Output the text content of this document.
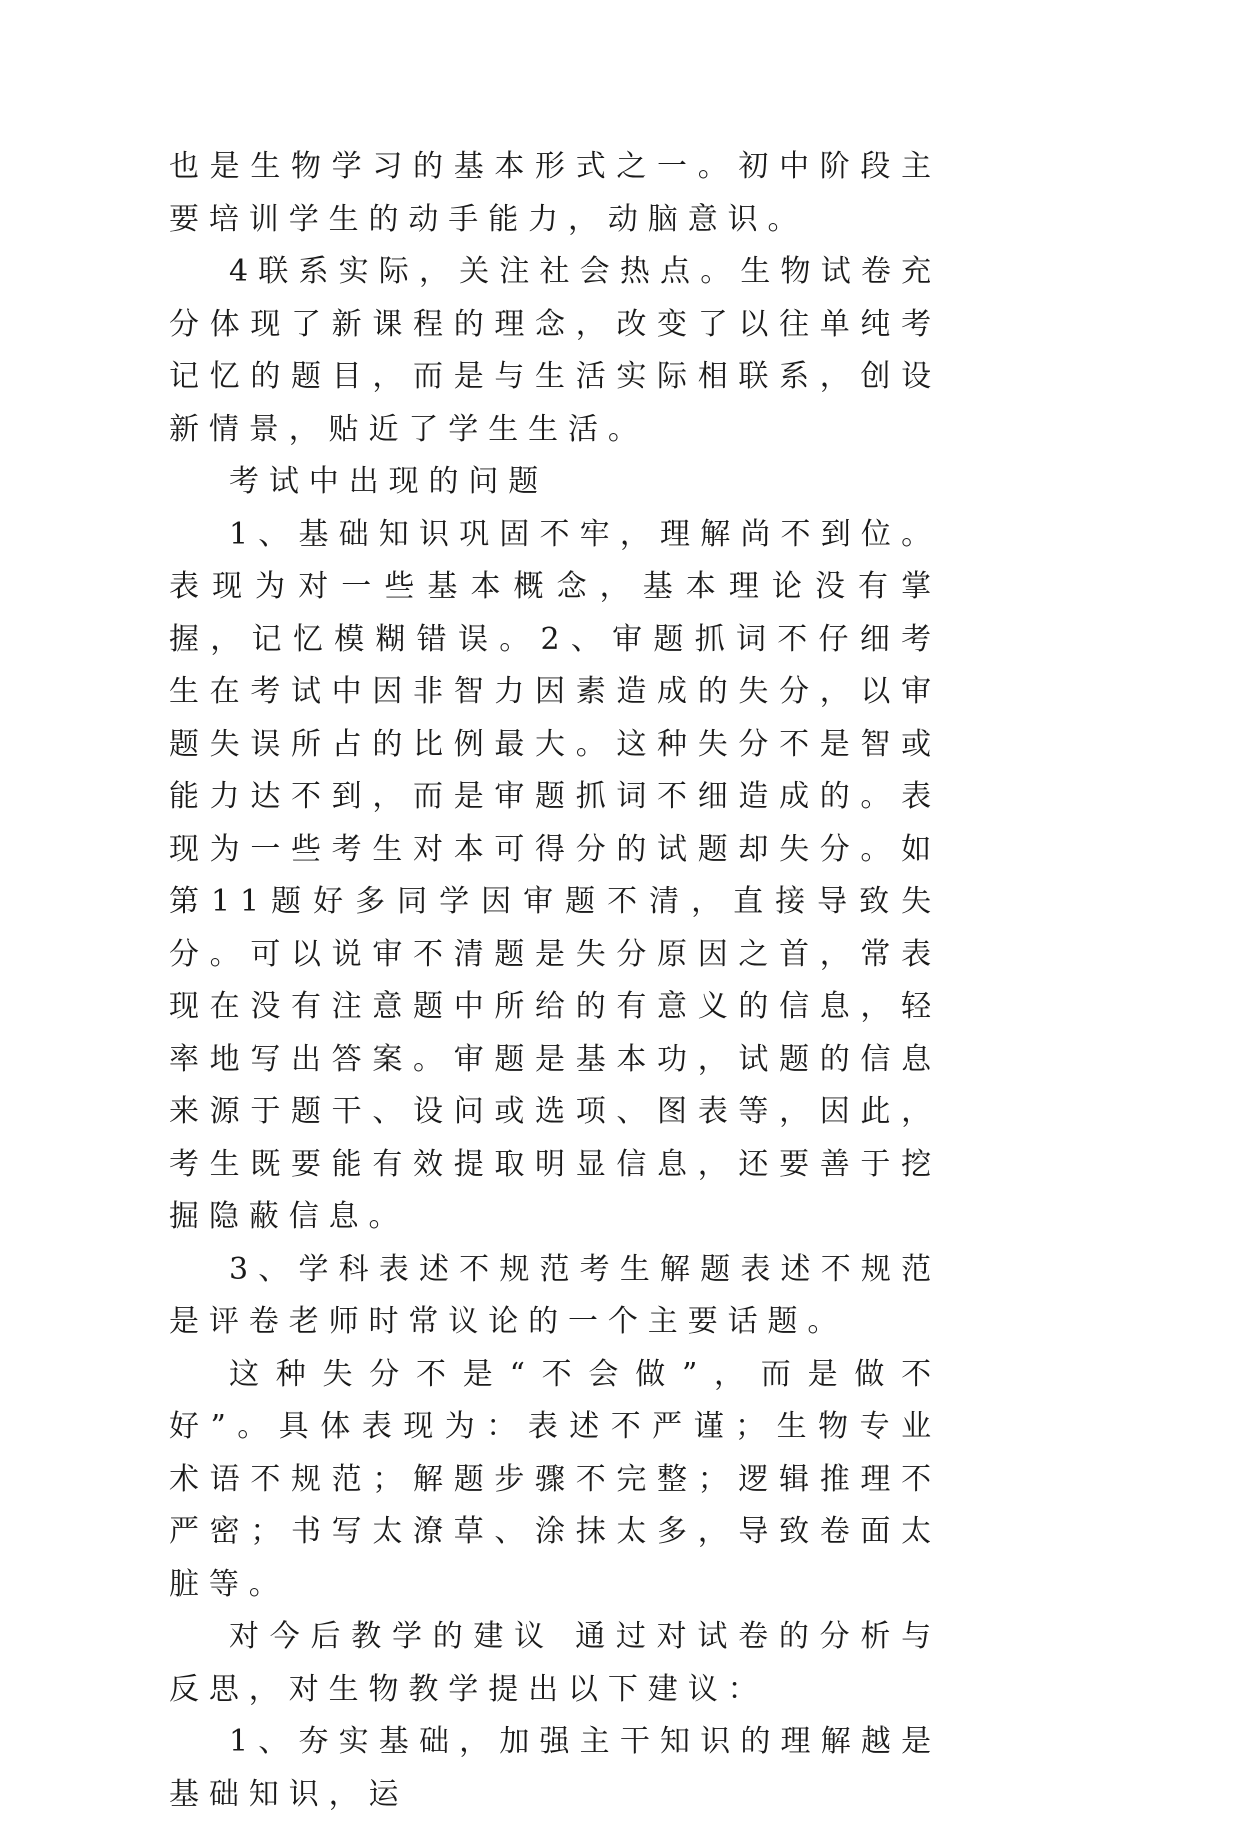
也是生物学习的基本形式之一。初中阶段主要培训学生的动手能力，动脑意识。

4联系实际，关注社会热点。生物试卷充分体现了新课程的理念，改变了以往单纯考记忆的题目，而是与生活实际相联系，创设新情景，贴近了学生生活。

考试中出现的问题

1、基础知识巩固不牢，理解尚不到位。表现为对一些基本概念，基本理论没有掌握，记忆模糊错误。2、审题抓词不仔细考生在考试中因非智力因素造成的失分，以审题失误所占的比例最大。这种失分不是智或能力达不到，而是审题抓词不细造成的。表现为一些考生对本可得分的试题却失分。如第11题好多同学因审题不清，直接导致失分。可以说审不清题是失分原因之首，常表现在没有注意题中所给的有意义的信息，轻率地写出答案。审题是基本功，试题的信息来源于题干、设问或选项、图表等，因此，考生既要能有效提取明显信息，还要善于挖掘隐蔽信息。

3、学科表述不规范考生解题表述不规范是评卷老师时常议论的一个主要话题。

这种失分不是“不会做”，而是做不好”。具体表现为：表述不严谨；生物专业术语不规范；解题步骤不完整；逻辑推理不严密；书写太潦草、涂抹太多，导致卷面太脏等。

对今后教学的建议 通过对试卷的分析与反思，对生物教学提出以下建议：

1、夯实基础，加强主干知识的理解越是基础知识，运
